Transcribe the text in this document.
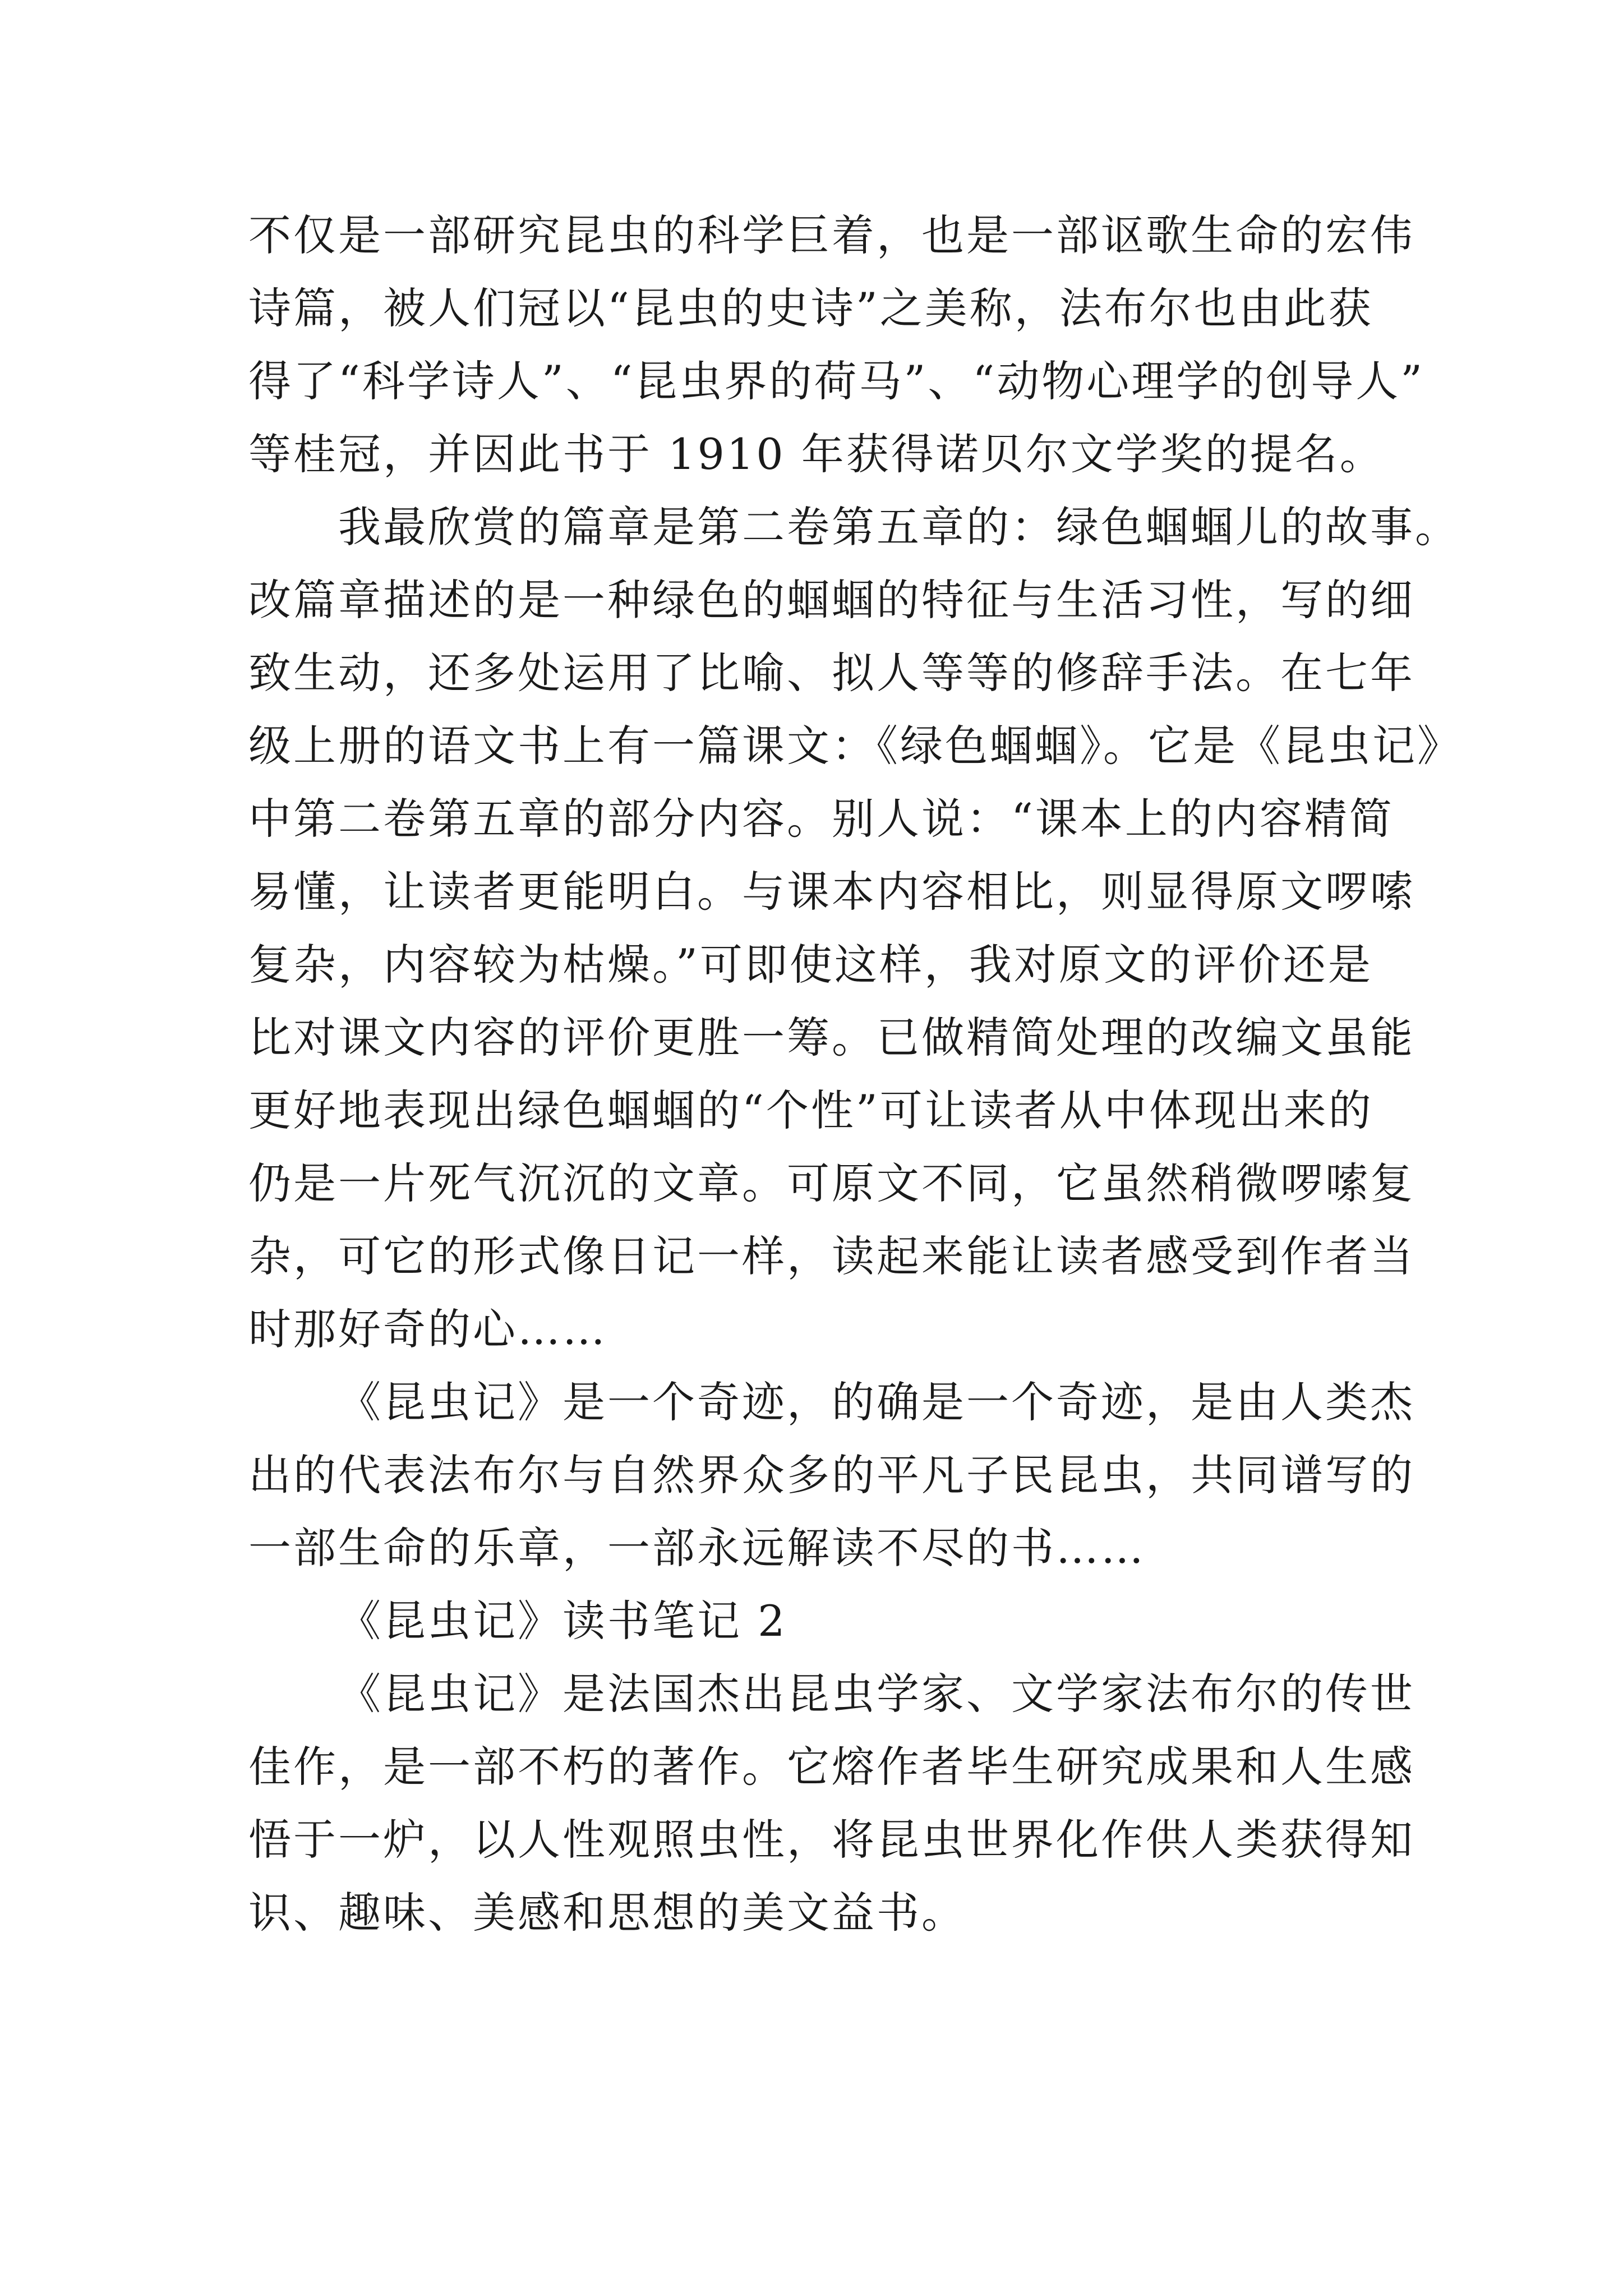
不仅是一部研究昆虫的科学巨着，也是一部讴歌生命的宏伟
诗篇，被人们冠以“昆虫的史诗”之美称，法布尔也由此获
得了“科学诗人”、“昆虫界的荷马”、“动物心理学的创导人”
等桂冠，并因此书于 1910 年获得诺贝尔文学奖的提名。
我最欣赏的篇章是第二卷第五章的：绿色蝈蝈儿的故事。
改篇章描述的是一种绿色的蝈蝈的特征与生活习性，写的细
致生动，还多处运用了比喻、拟人等等的修辞手法。在七年
级上册的语文书上有一篇课文：《绿色蝈蝈》。它是《昆虫记》
中第二卷第五章的部分内容。别人说：“课本上的内容精简
易懂，让读者更能明白。与课本内容相比，则显得原文啰嗦
复杂，内容较为枯燥。”可即使这样，我对原文的评价还是
比对课文内容的评价更胜一筹。已做精简处理的改编文虽能
更好地表现出绿色蝈蝈的“个性”可让读者从中体现出来的
仍是一片死气沉沉的文章。可原文不同，它虽然稍微啰嗦复
杂，可它的形式像日记一样，读起来能让读者感受到作者当
时那好奇的心……
《昆虫记》是一个奇迹，的确是一个奇迹，是由人类杰
出的代表法布尔与自然界众多的平凡子民昆虫，共同谱写的
一部生命的乐章，一部永远解读不尽的书……
《昆虫记》读书笔记 2
《昆虫记》是法国杰出昆虫学家、文学家法布尔的传世
佳作，是一部不朽的著作。它熔作者毕生研究成果和人生感
悟于一炉，以人性观照虫性，将昆虫世界化作供人类获得知
识、趣味、美感和思想的美文益书。
